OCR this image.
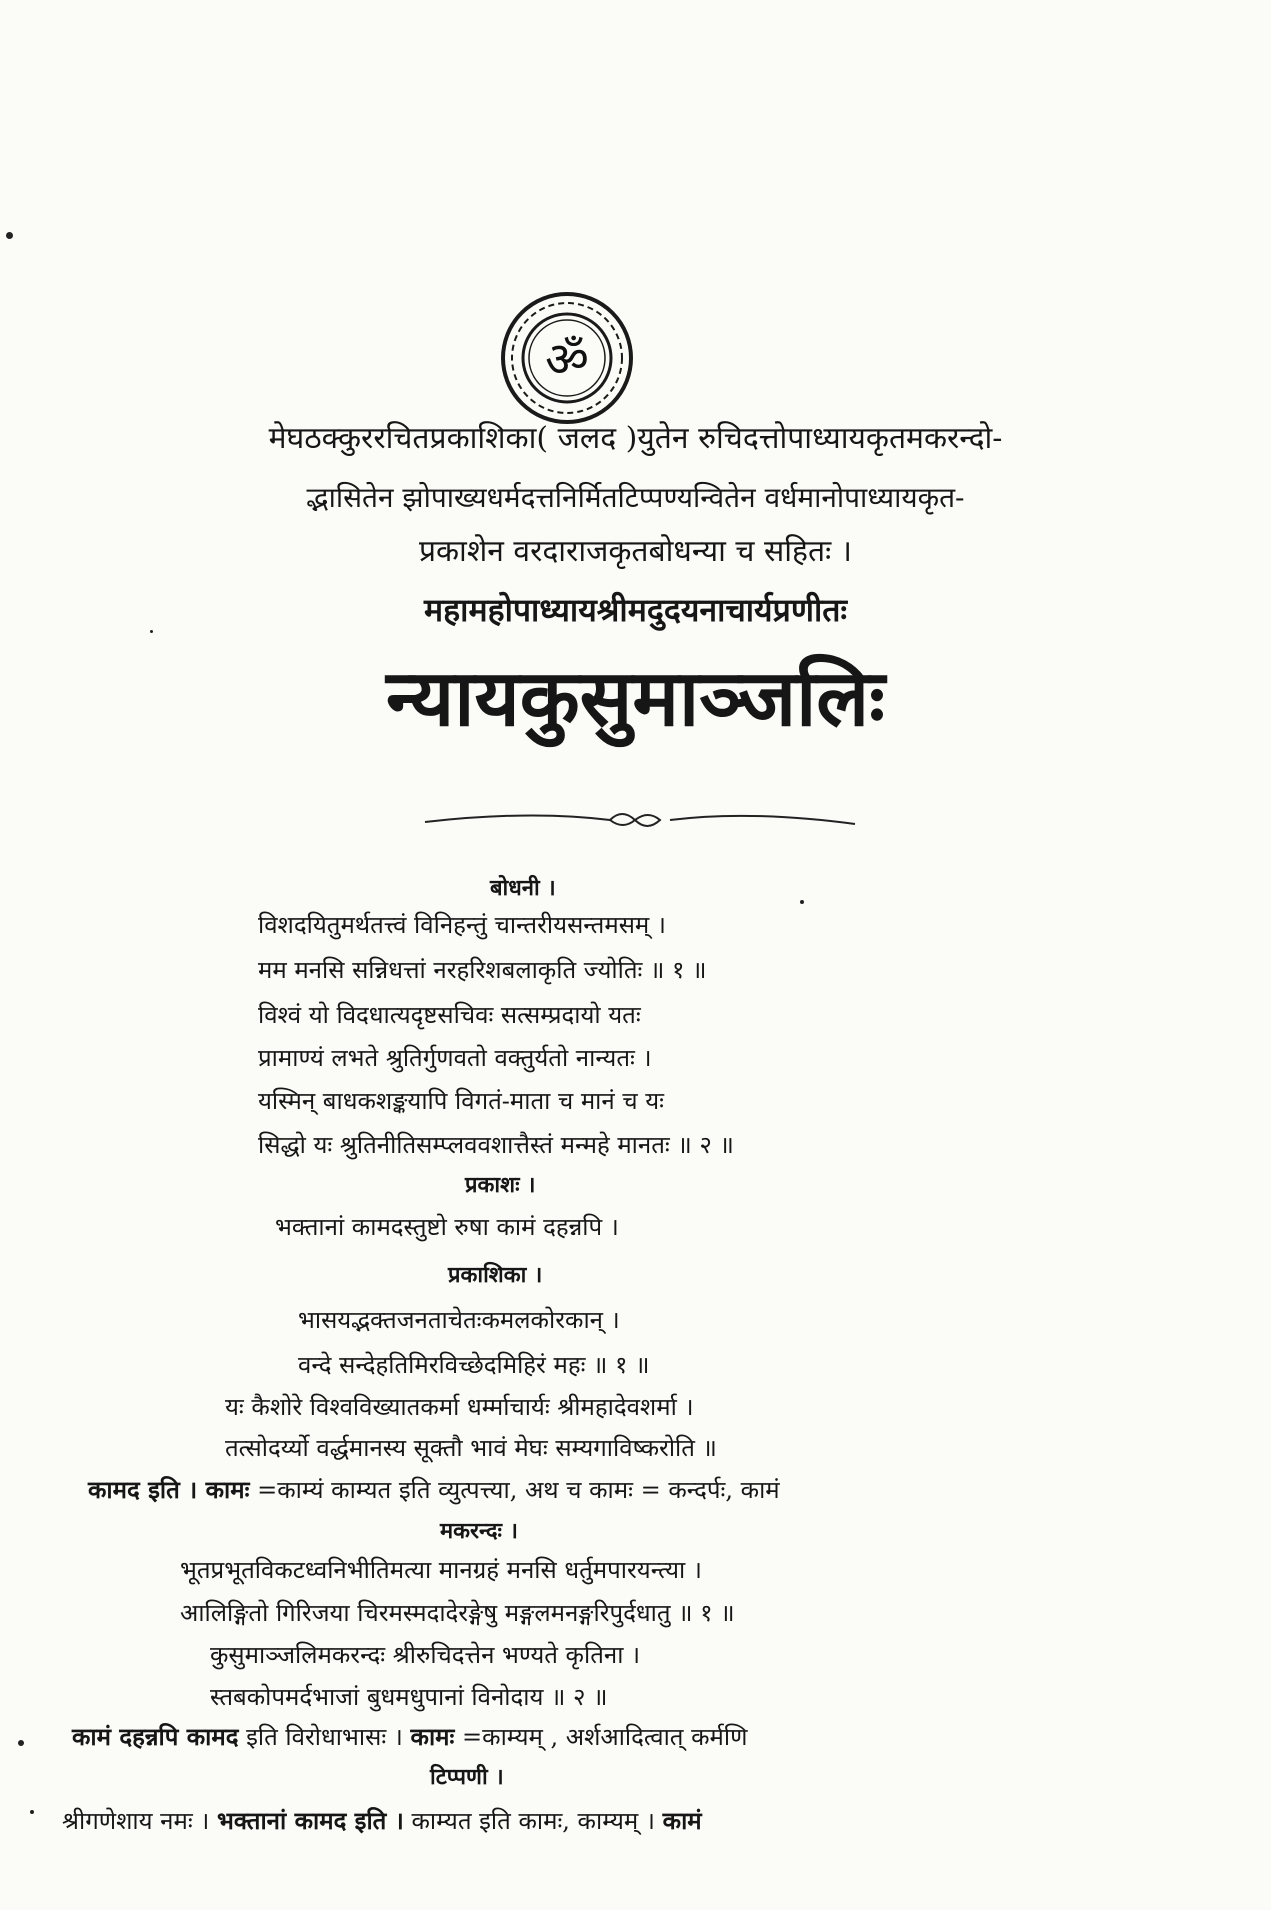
ॐ
मेघठक्कुररचितप्रकाशिका( जलद )युतेन रुचिदत्तोपाध्यायकृतमकरन्दो-
द्भासितेन झोपाख्यधर्मदत्तनिर्मितटिप्पण्यन्वितेन वर्धमानोपाध्यायकृत-
प्रकाशेन वरदाराजकृतबोधन्या च सहितः ।
महामहोपाध्यायश्रीमदुदयनाचार्यप्रणीतः
न्यायकुसुमाञ्जलिः
बोधनी ।
विशदयितुमर्थतत्त्वं विनिहन्तुं चान्तरीयसन्तमसम् ।
मम मनसि सन्निधत्तां नरहरिशबलाकृति ज्योतिः ॥ १ ॥
विश्वं यो विदधात्यदृष्टसचिवः सत्सम्प्रदायो यतः
प्रामाण्यं लभते श्रुतिर्गुणवतो वक्तुर्यतो नान्यतः ।
यस्मिन् बाधकशङ्कयापि विगतं-माता च मानं च यः
सिद्धो यः श्रुतिनीतिसम्प्लववशात्तैस्तं मन्महे मानतः ॥ २ ॥
प्रकाशः ।
भक्तानां कामदस्तुष्टो रुषा कामं दहन्नपि ।
प्रकाशिका ।
भासयद्भक्तजनताचेतःकमलकोरकान् ।
वन्दे सन्देहतिमिरविच्छेदमिहिरं महः ॥ १ ॥
यः कैशोरे विश्वविख्यातकर्मा धर्म्माचार्यः श्रीमहादेवशर्मा ।
तत्सोदर्य्यो वर्द्धमानस्य सूक्तौ भावं मेघः सम्यगाविष्करोति ॥
कामद इति । कामः =काम्यं काम्यत इति व्युत्पत्त्या, अथ च कामः = कन्दर्पः, कामं
मकरन्दः ।
भूतप्रभूतविकटध्वनिभीतिमत्या मानग्रहं मनसि धर्तुमपारयन्त्या ।
आलिङ्गितो गिरिजया चिरमस्मदादेरङ्गेषु मङ्गलमनङ्गरिपुर्दधातु ॥ १ ॥
कुसुमाञ्जलिमकरन्दः श्रीरुचिदत्तेन भण्यते कृतिना ।
स्तबकोपमर्दभाजां बुधमधुपानां विनोदाय ॥ २ ॥
कामं दहन्नपि कामद इति विरोधाभासः । कामः =काम्यम् , अर्शआदित्वात् कर्मणि
टिप्पणी ।
श्रीगणेशाय नमः । भक्तानां कामद इति । काम्यत इति कामः, काम्यम् । कामं
